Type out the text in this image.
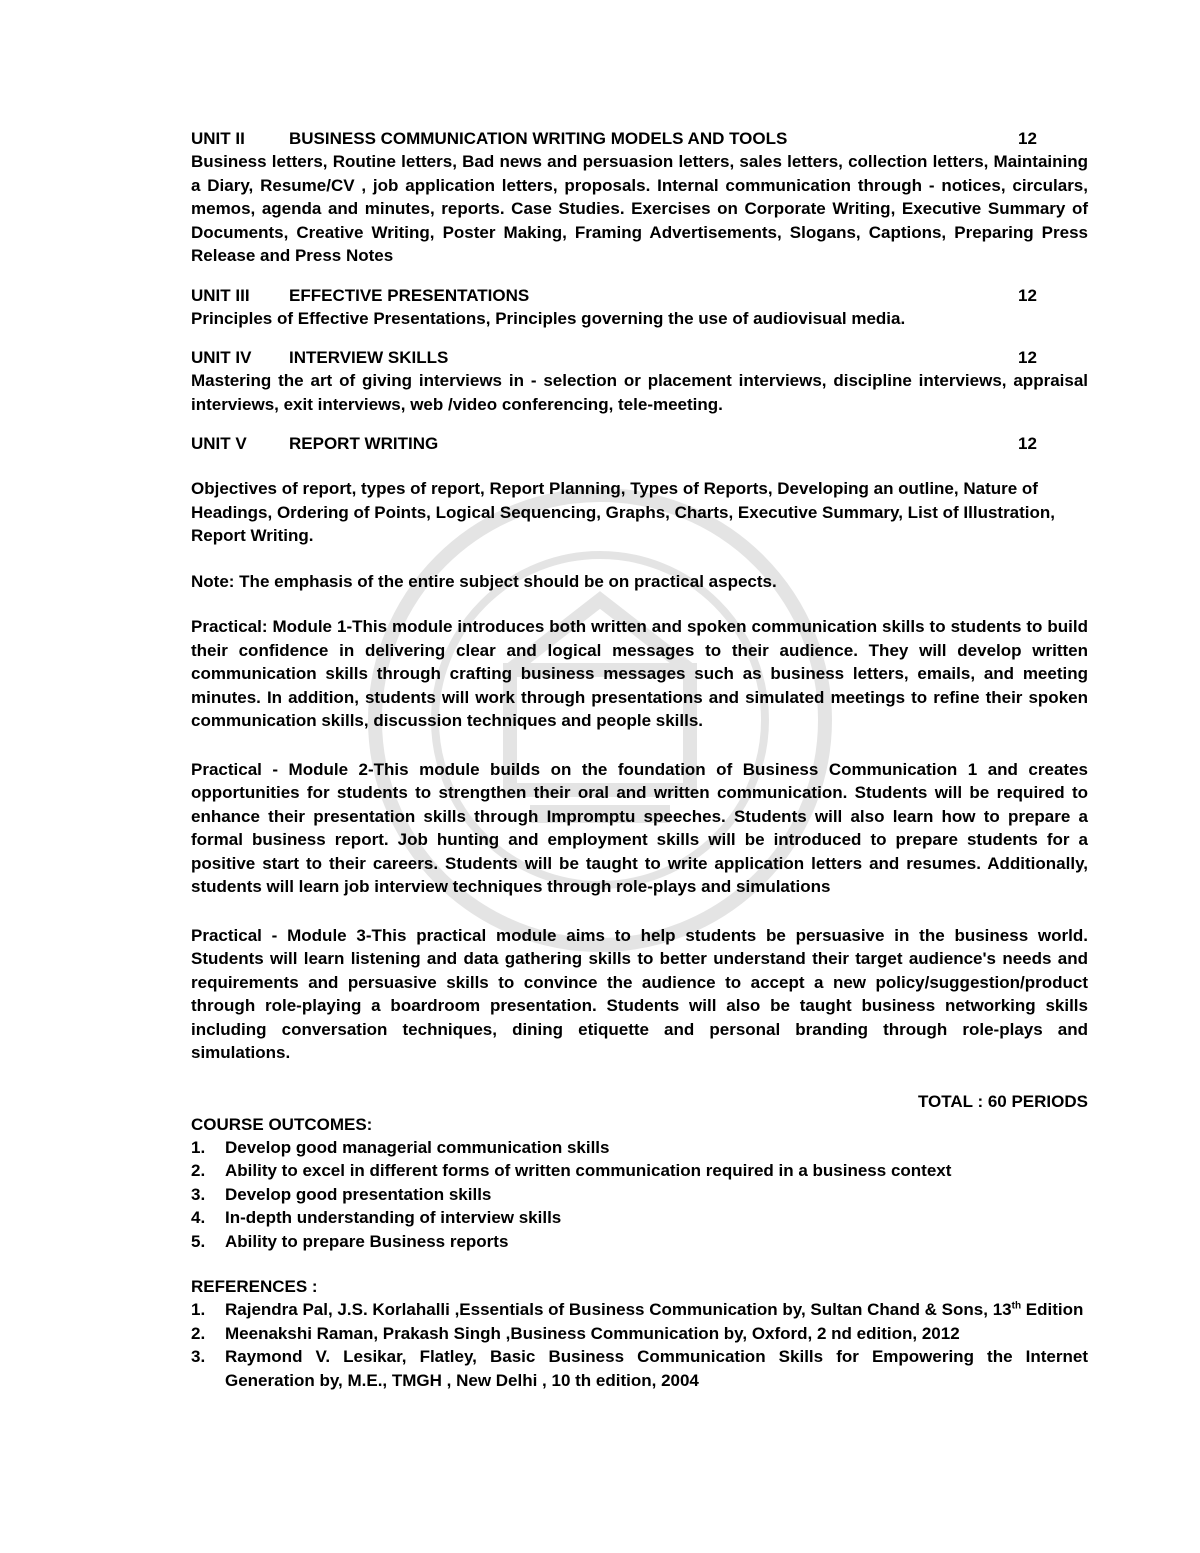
UNIT II	BUSINESS COMMUNICATION WRITING MODELS AND TOOLS	12

Business letters, Routine letters, Bad news and persuasion letters, sales letters, collection letters, Maintaining a Diary, Resume/CV , job application letters, proposals. Internal communication through - notices, circulars, memos, agenda and minutes, reports. Case Studies. Exercises on Corporate Writing, Executive Summary of Documents, Creative Writing, Poster Making, Framing Advertisements, Slogans, Captions, Preparing Press Release and Press Notes

UNIT III	EFFECTIVE PRESENTATIONS	12

Principles of Effective Presentations, Principles governing the use of audiovisual media.

UNIT IV	INTERVIEW SKILLS	12

Mastering the art of giving interviews in - selection or placement interviews, discipline interviews, appraisal interviews, exit interviews, web /video conferencing, tele-meeting.

UNIT V	REPORT WRITING	12

Objectives of report, types of report, Report Planning, Types of Reports, Developing an outline, Nature of Headings, Ordering of Points, Logical Sequencing, Graphs, Charts, Executive Summary, List of Illustration, Report Writing.

Note: The emphasis of the entire subject should be on practical aspects.

Practical: Module 1-This module introduces both written and spoken communication skills to students to build their confidence in delivering clear and logical messages to their audience. They will develop written communication skills through crafting business messages such as business letters, emails, and meeting minutes. In addition, students will work through presentations and simulated meetings to refine their spoken communication skills, discussion techniques and people skills.

Practical - Module 2-This module builds on the foundation of Business Communication 1 and creates opportunities for students to strengthen their oral and written communication. Students will be required to enhance their presentation skills through Impromptu speeches. Students will also learn how to prepare a formal business report. Job hunting and employment skills will be introduced to prepare students for a positive start to their careers. Students will be taught to write application letters and resumes. Additionally, students will learn job interview techniques through role-plays and simulations

Practical - Module 3-This practical module aims to help students be persuasive in the business world. Students will learn listening and data gathering skills to better understand their target audience's needs and requirements and persuasive skills to convince the audience to accept a new policy/suggestion/product through role-playing a boardroom presentation. Students will also be taught business networking skills including conversation techniques, dining etiquette and personal branding through role-plays and simulations.

TOTAL : 60 PERIODS
COURSE OUTCOMES:
1.	Develop good managerial communication skills
2.	Ability to excel in different forms of written communication required in a business context
3.	Develop good presentation skills
4.	In-depth understanding of interview skills
5.	Ability to prepare Business reports
REFERENCES :
1.	Rajendra Pal, J.S. Korlahalli ,Essentials of Business Communication by, Sultan Chand & Sons, 13th Edition
2.	Meenakshi Raman, Prakash Singh ,Business Communication by, Oxford, 2 nd edition, 2012
3.	Raymond V. Lesikar, Flatley, Basic Business Communication Skills for Empowering the Internet Generation by, M.E., TMGH , New Delhi , 10 th edition, 2004
